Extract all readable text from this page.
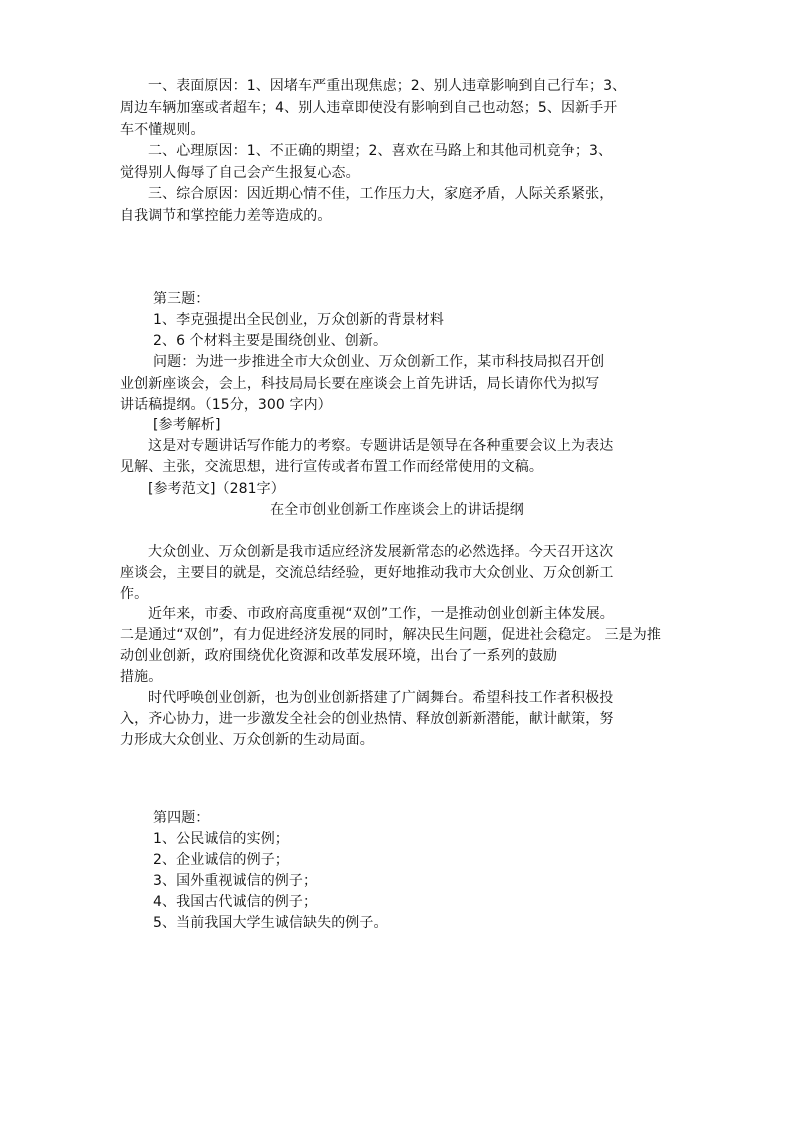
一、表面原因：1、因堵车严重出现焦虑；2、别人违章影响到自己行车；3、
周边车辆加塞或者超车；4、别人违章即使没有影响到自己也动怒；5、因新手开
车不懂规则。
二、心理原因：1、不正确的期望；2、喜欢在马路上和其他司机竞争；3、
觉得别人侮辱了自己会产生报复心态。
三、综合原因：因近期心情不佳，工作压力大，家庭矛盾，人际关系紧张，
自我调节和掌控能力差等造成的。
第三题：
1、李克强提出全民创业，万众创新的背景材料
2、6 个材料主要是围绕创业、创新。
问题：为进一步推进全市大众创业、万众创新工作，某市科技局拟召开创
业创新座谈会，会上，科技局局长要在座谈会上首先讲话，局长请你代为拟写
讲话稿提纲。（15分，300 字内）
[参考解析]
这是对专题讲话写作能力的考察。专题讲话是领导在各种重要会议上为表达
见解、主张，交流思想，进行宣传或者布置工作而经常使用的文稿。
[参考范文]（281字）
在全市创业创新工作座谈会上的讲话提纲
大众创业、万众创新是我市适应经济发展新常态的必然选择。今天召开这次
座谈会，主要目的就是，交流总结经验，更好地推动我市大众创业、万众创新工
作。
近年来，市委、市政府高度重视“双创”工作，一是推动创业创新主体发展。
二是通过“双创”，有力促进经济发展的同时，解决民生问题，促进社会稳定。 三是为推
动创业创新，政府围绕优化资源和改革发展环境，出台了一系列的鼓励
措施。
时代呼唤创业创新，也为创业创新搭建了广阔舞台。希望科技工作者积极投
入，齐心协力，进一步激发全社会的创业热情、释放创新新潜能，献计献策，努
力形成大众创业、万众创新的生动局面。
第四题：
1、公民诚信的实例；
2、企业诚信的例子；
3、国外重视诚信的例子；
4、我国古代诚信的例子；
5、当前我国大学生诚信缺失的例子。
